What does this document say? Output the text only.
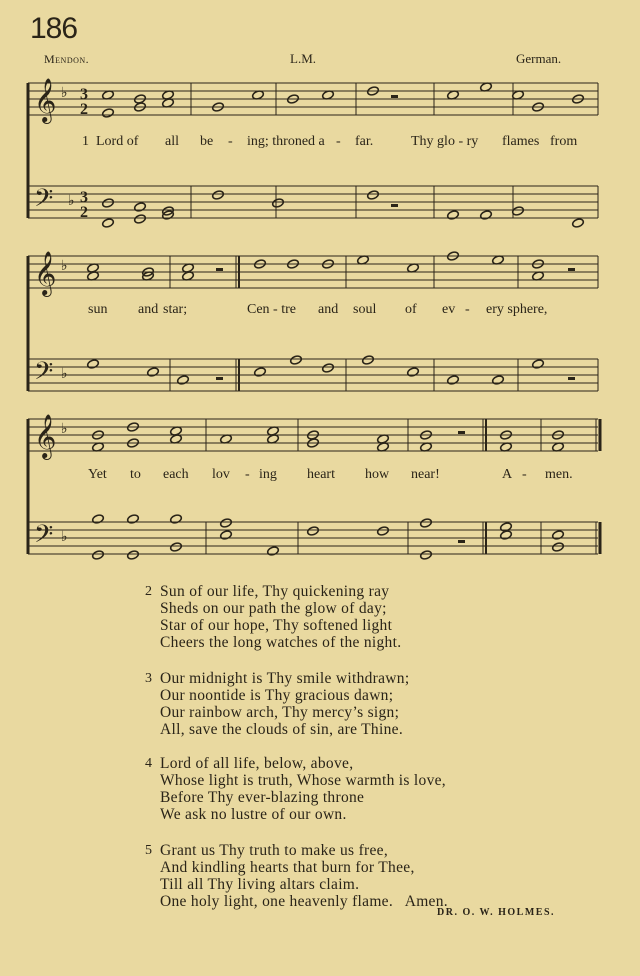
186
Mendon.	L.M.	German.
𝄞
𝄢
♭
♭
3
2
3
2
𝄞
𝄢
♭
♭
𝄞
𝄢
♭
♭
1 Lord of all be - ing; throned a - far.	Thy glo - ry flames from
sun and star;	Cen - tre and soul of ev - ery sphere,
Yet to each lov - ing heart how near!	A - men.
2 Sun of our life, Thy quickening ray
Sheds on our path the glow of day;
Star of our hope, Thy softened light
Cheers the long watches of the night.
3 Our midnight is Thy smile withdrawn;
Our noontide is Thy gracious dawn;
Our rainbow arch, Thy mercy’s sign;
All, save the clouds of sin, are Thine.
4 Lord of all life, below, above,
Whose light is truth, Whose warmth is love,
Before Thy ever-blazing throne
We ask no lustre of our own.
5 Grant us Thy truth to make us free,
And kindling hearts that burn for Thee,
Till all Thy living altars claim.
One holy light, one heavenly flame.   Amen.
DR. O. W. HOLMES.
